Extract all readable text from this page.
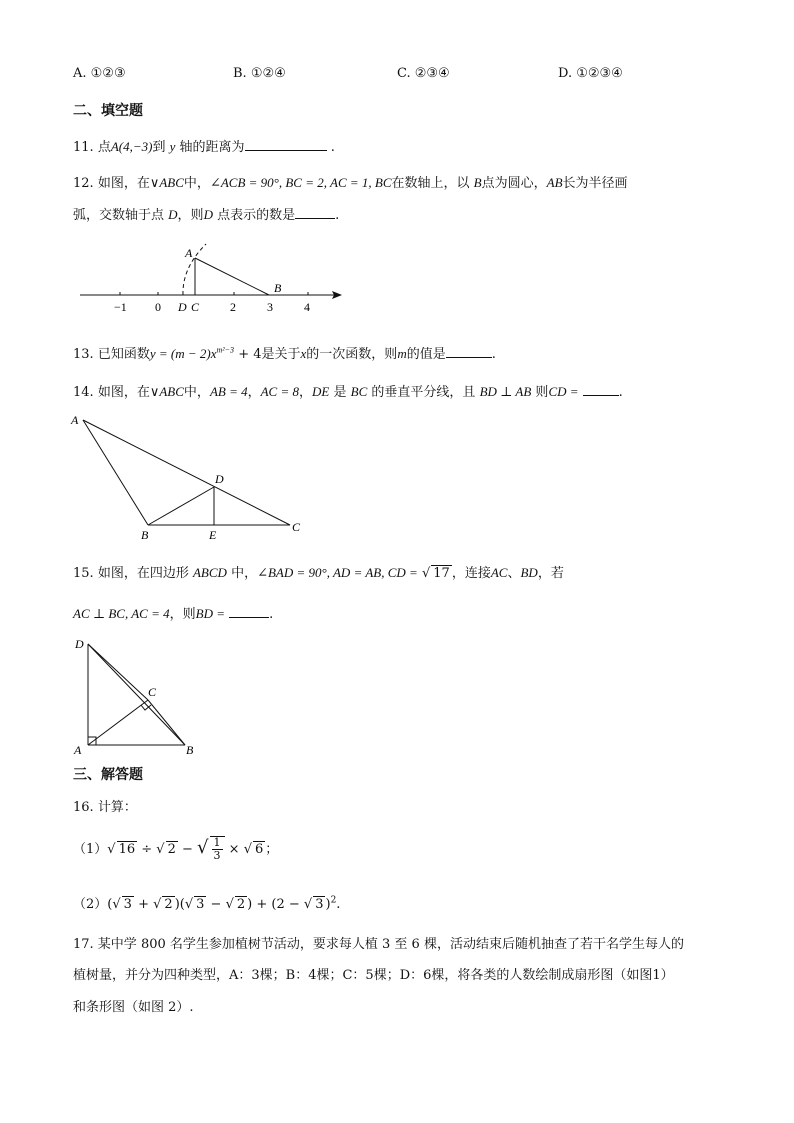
A. ①②③	B. ①②④	C. ②③④	D. ①②③④
二、填空题
11. 点A(4,−3)到 y 轴的距离为	.
12. 如图，在∨ABC中，∠ACB = 90°, BC = 2, AC = 1, BC在数轴上，以 B点为圆心，AB长为半径画
弧，交数轴于点 D，则D 点表示的数是	.
−1 0	2	3	4
A
B
D C
13. 已知函数$y = (m - 2)x^{m^2-3} + 4$是关于x的一次函数，则m的值是	.
14. 如图，在∨ABC中，AB = 4，AC = 8，DE 是 BC 的垂直平分线，且 BD ⊥ AB 则CD =	.
A
B
C
D
E
15. 如图，在四边形 ABCD 中，∠BAD = 90°, AD = AB, CD = √ 17 ，连接AC、BD，若
AC ⊥ BC, AC = 4，则BD =	.
D
A	B
C
三、解答题
16. 计算：
（1）√ 16 ÷ √ 2 − √ $\frac{1}{3}$ × √ 6 ；
（2）(√ 3 + √ 2 )(√ 3 − √ 2 ) + (2 − √ 3 )$^2$.
17. 某中学 800 名学生参加植树节活动，要求每人植 3 至 6 棵，活动结束后随机抽查了若干名学生每人的
植树量，并分为四种类型，A：3棵；B：4棵；C：5棵；D：6棵，将各类的人数绘制成扇形图（如图1）
和条形图（如图 2）.
